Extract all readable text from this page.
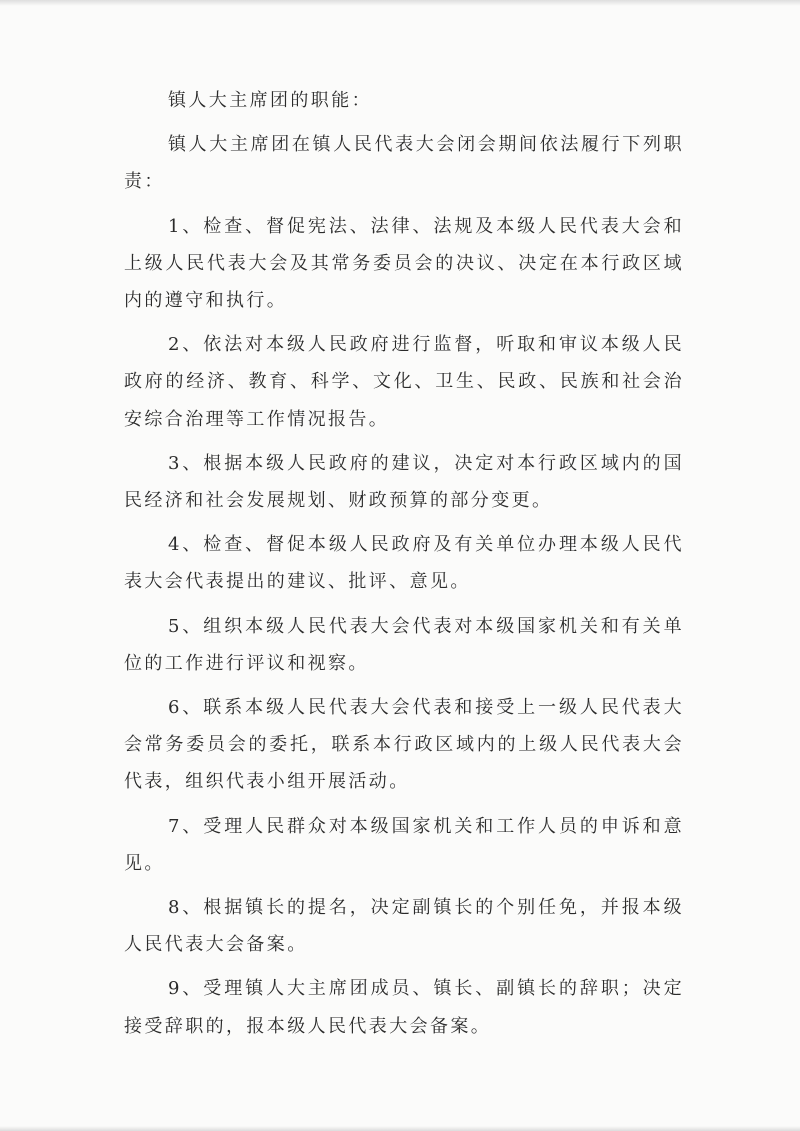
镇人大主席团的职能：

镇人大主席团在镇人民代表大会闭会期间依法履行下列职责：

1、检查、督促宪法、法律、法规及本级人民代表大会和上级人民代表大会及其常务委员会的决议、决定在本行政区域内的遵守和执行。

2、依法对本级人民政府进行监督，听取和审议本级人民政府的经济、教育、科学、文化、卫生、民政、民族和社会治安综合治理等工作情况报告。

3、根据本级人民政府的建议，决定对本行政区域内的国民经济和社会发展规划、财政预算的部分变更。

4、检查、督促本级人民政府及有关单位办理本级人民代表大会代表提出的建议、批评、意见。

5、组织本级人民代表大会代表对本级国家机关和有关单位的工作进行评议和视察。

6、联系本级人民代表大会代表和接受上一级人民代表大会常务委员会的委托，联系本行政区域内的上级人民代表大会代表，组织代表小组开展活动。

7、受理人民群众对本级国家机关和工作人员的申诉和意见。

8、根据镇长的提名，决定副镇长的个别任免，并报本级人民代表大会备案。

9、受理镇人大主席团成员、镇长、副镇长的辞职；决定接受辞职的，报本级人民代表大会备案。
